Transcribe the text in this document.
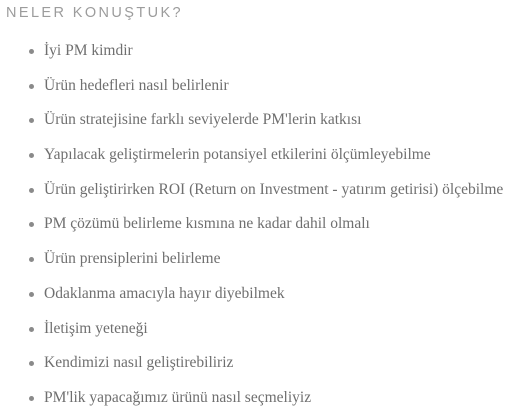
NELER KONUŞTUK?
İyi PM kimdir
Ürün hedefleri nasıl belirlenir
Ürün stratejisine farklı seviyelerde PM'lerin katkısı
Yapılacak geliştirmelerin potansiyel etkilerini ölçümleyebilme
Ürün geliştirirken ROI (Return on Investment - yatırım getirisi) ölçebilme
PM çözümü belirleme kısmına ne kadar dahil olmalı
Ürün prensiplerini belirleme
Odaklanma amacıyla hayır diyebilmek
İletişim yeteneği
Kendimizi nasıl geliştirebiliriz
PM'lik yapacağımız ürünü nasıl seçmeliyiz
